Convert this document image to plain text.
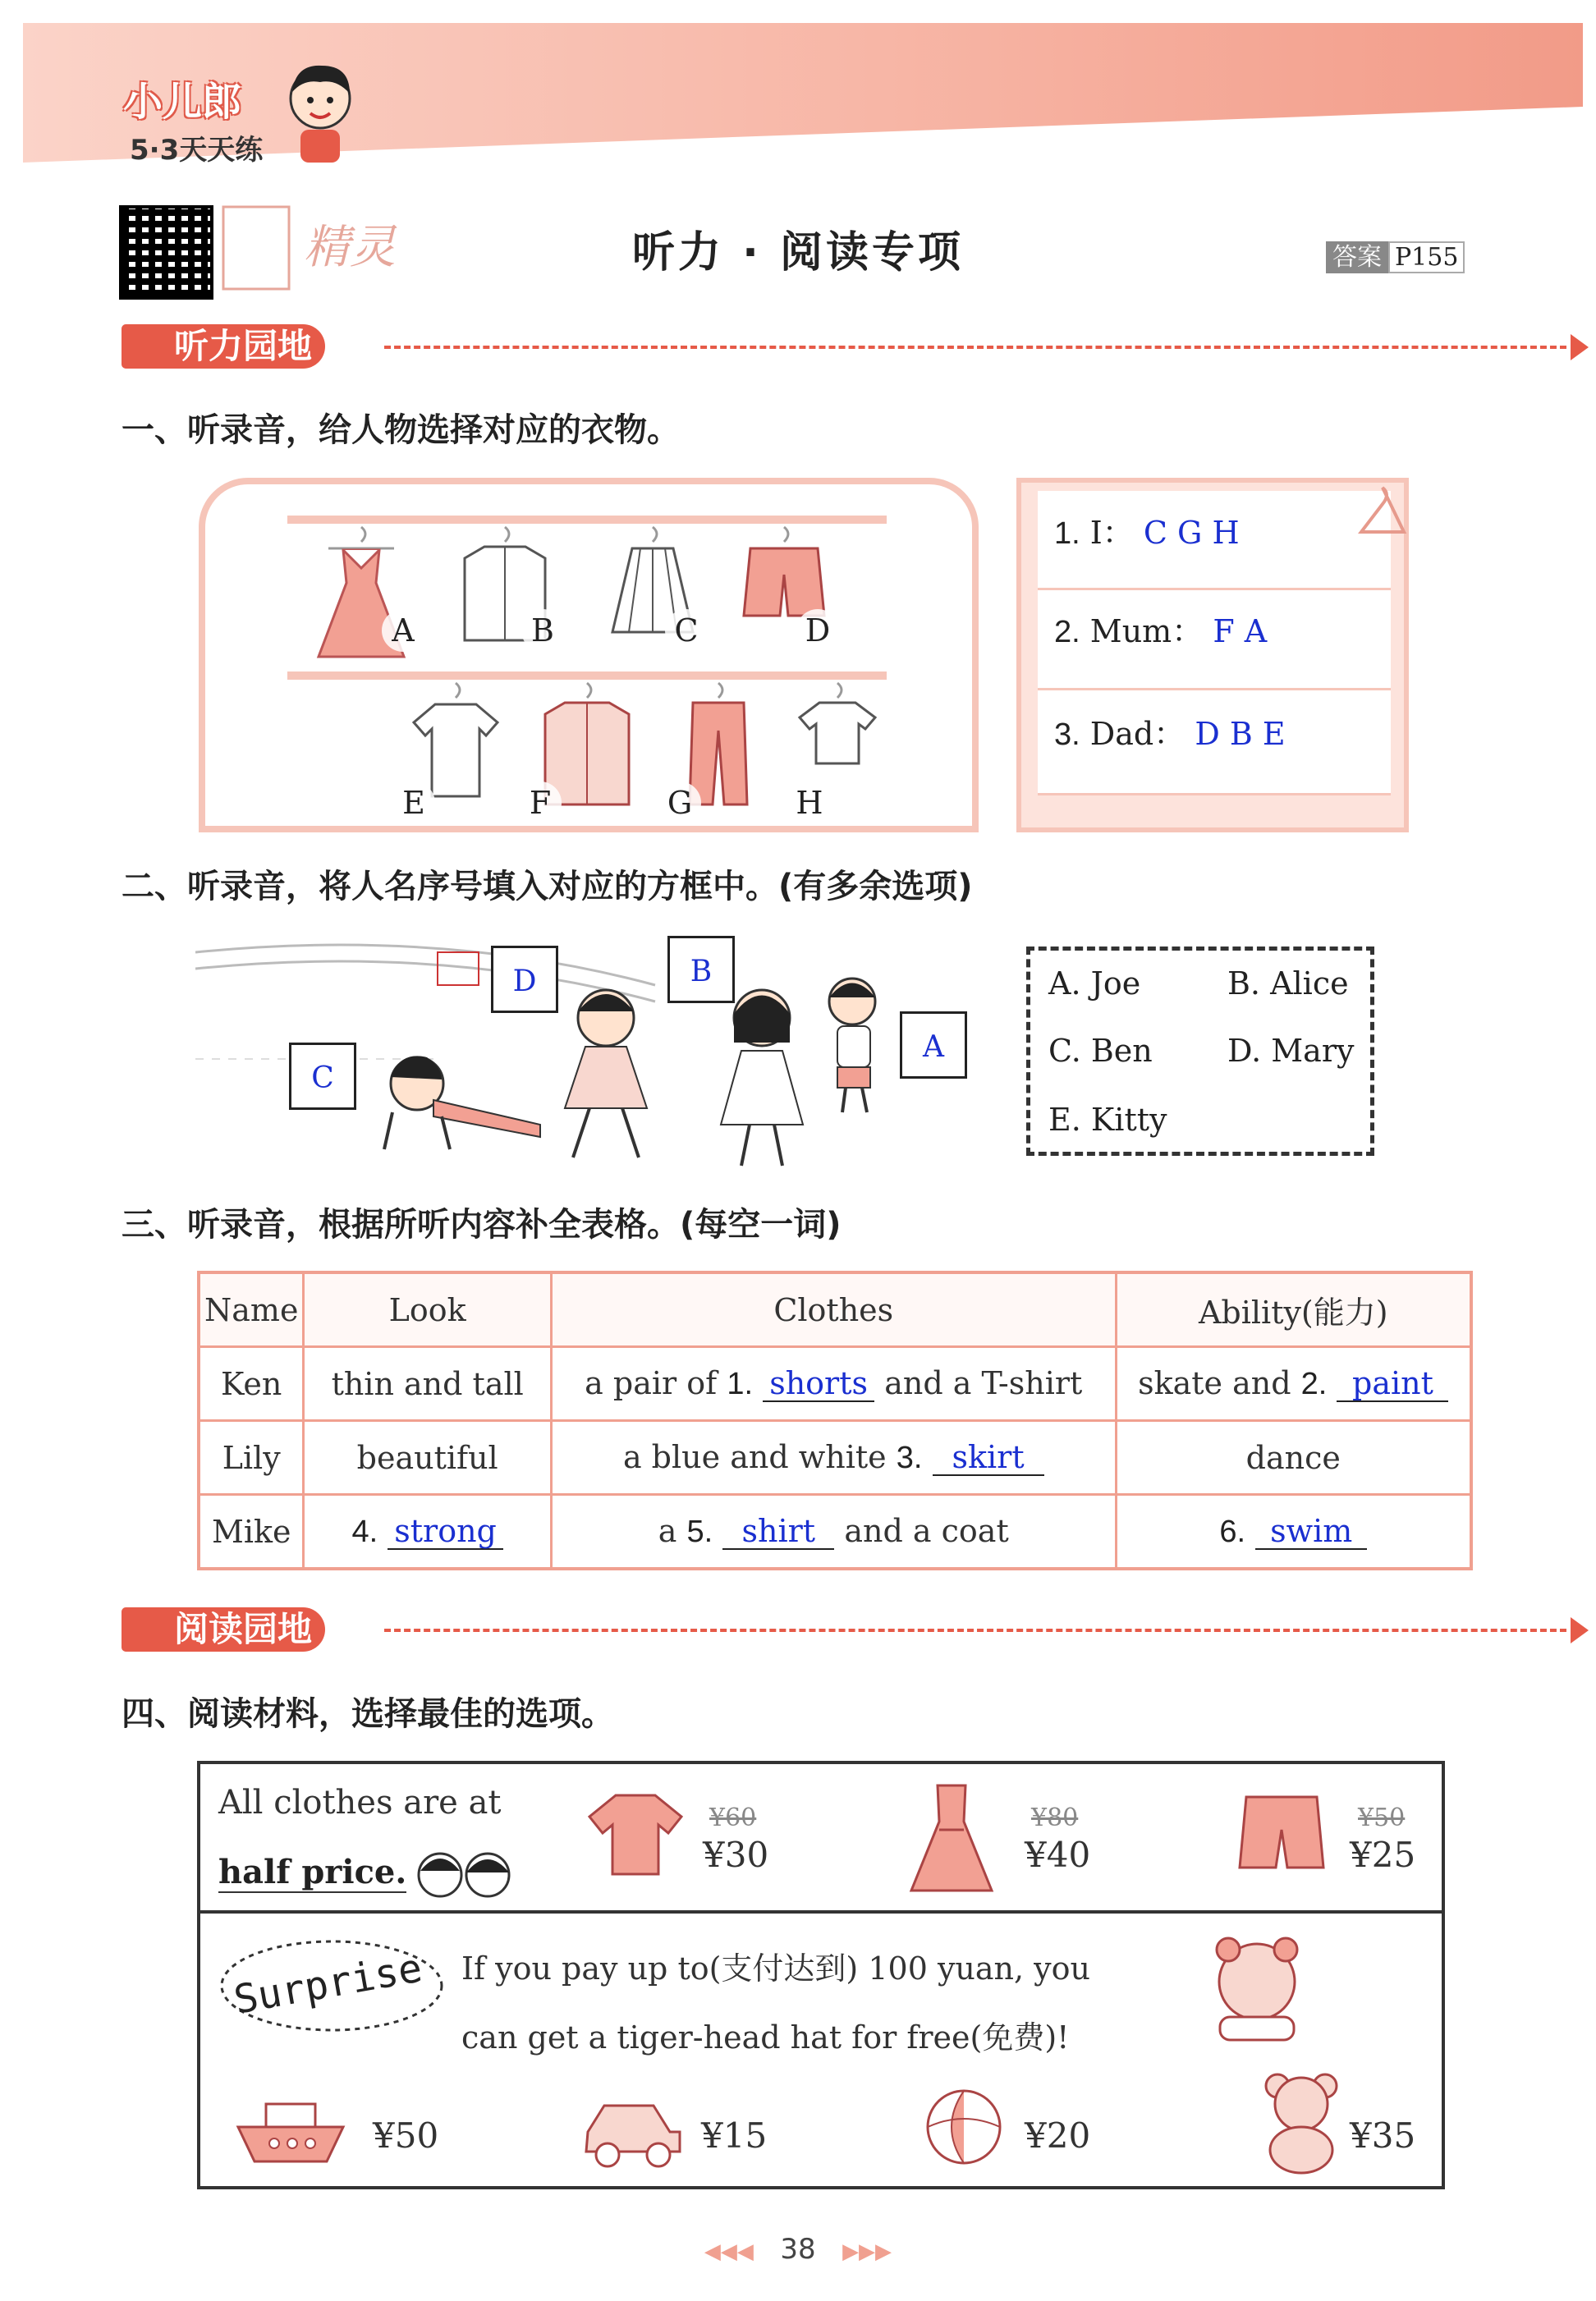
小儿郎
5·3天天练
精灵	听力 · 阅读专项	答案 P155
听力园地
一、听录音，给人物选择对应的衣物。
A	B	C	D
E	F	G	H
1. I： C G H
2. Mum： F A
3. Dad： D B E
二、听录音，将人名序号填入对应的方框中。(有多余选项)
D
C
B
A
A. Joe	B. Alice
C. Ben D. Mary
E. Kitty
三、听录音，根据所听内容补全表格。(每空一词)
Name	Look	Clothes	Ability(能力)
Ken	thin and tall	a pair of 1. shorts and a T-shirt	skate and 2. paint
Lily	beautiful	a blue and white 3. skirt	dance
Mike	4. strong	a 5. shirt and a coat	6. swim
阅读园地
四、阅读材料，选择最佳的选项。
All clothes are at
half price.
¥60
¥30
¥80
¥40
¥50
¥25
Surprise If you pay up to(支付达到) 100 yuan, you
can get a tiger-head hat for free(免费)!
¥50	¥15	¥20	¥35
◀◀◀ 38 ▶▶▶
